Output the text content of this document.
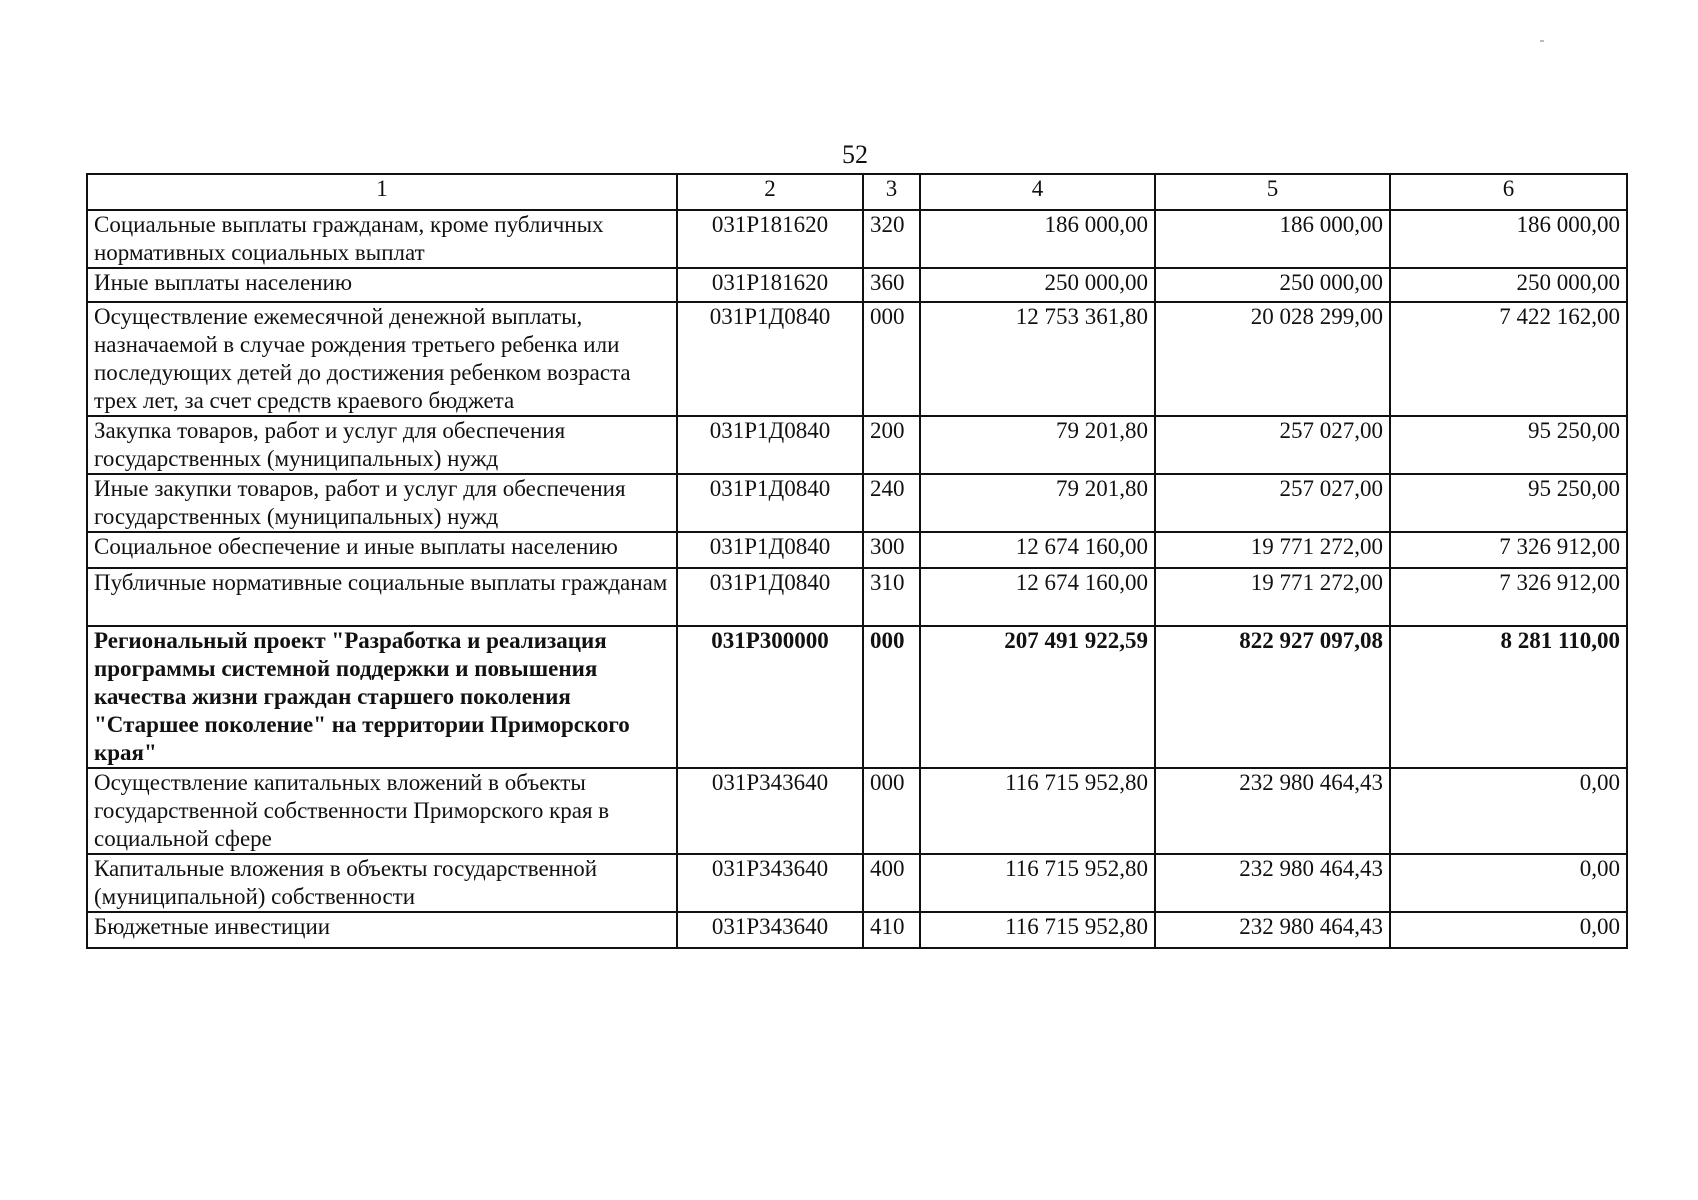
52
1	2	3	4	5	6
Социальные выплаты гражданам, кроме публичных нормативных социальных выплат	031P181620	320	186 000,00	186 000,00	186 000,00
Иные выплаты населению	031P181620	360	250 000,00	250 000,00	250 000,00
Осуществление ежемесячной денежной выплаты, назначаемой в случае рождения третьего ребенка или последующих детей до достижения ребенком возраста трех лет, за счет средств краевого бюджета	031P1Д0840	000	12 753 361,80	20 028 299,00	7 422 162,00
Закупка товаров, работ и услуг для обеспечения государственных (муниципальных) нужд	031P1Д0840	200	79 201,80	257 027,00	95 250,00
Иные закупки товаров, работ и услуг для обеспечения государственных (муниципальных) нужд	031P1Д0840	240	79 201,80	257 027,00	95 250,00
Социальное обеспечение и иные выплаты населению	031P1Д0840	300	12 674 160,00	19 771 272,00	7 326 912,00
Публичные нормативные социальные выплаты гражданам	031P1Д0840	310	12 674 160,00	19 771 272,00	7 326 912,00
Региональный проект "Разработка и реализация программы системной поддержки и повышения качества жизни граждан старшего поколения "Старшее поколение" на территории Приморского края"	031P300000	000	207 491 922,59	822 927 097,08	8 281 110,00
Осуществление капитальных вложений в объекты государственной собственности Приморского края в социальной сфере	031P343640	000	116 715 952,80	232 980 464,43	0,00
Капитальные вложения в объекты государственной (муниципальной) собственности	031P343640	400	116 715 952,80	232 980 464,43	0,00
Бюджетные инвестиции	031P343640	410	116 715 952,80	232 980 464,43	0,00
